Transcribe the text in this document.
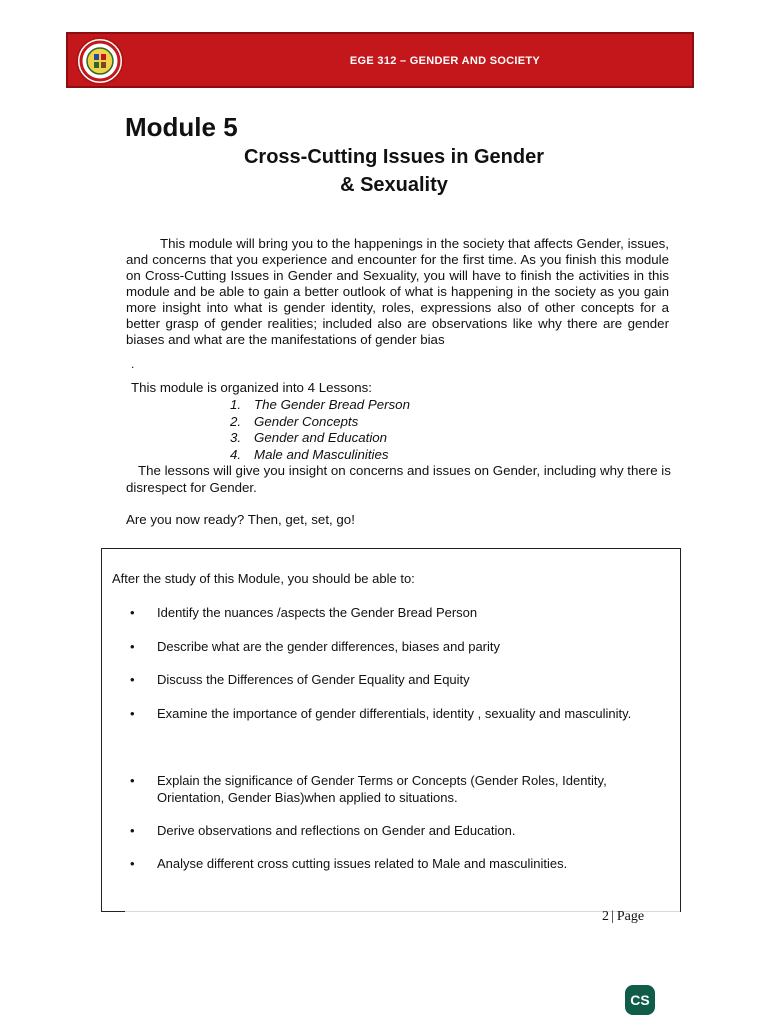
EGE 312 – GENDER AND SOCIETY
Module 5
Cross-Cutting Issues in Gender
& Sexuality

This module will bring you to the happenings in the society that affects Gender, issues, and concerns that you experience and encounter for the first time. As you finish this module on Cross-Cutting Issues in Gender and Sexuality, you will have to finish the activities in this module and be able to gain a better outlook of what is happening in the society as you gain more insight into what is gender identity, roles, expressions also of other concepts for a better grasp of gender realities; included also are observations like why there are gender biases and what are the manifestations of gender bias

.

This module is organized into 4 Lessons:

1. The Gender Bread Person
2. Gender Concepts
3. Gender and Education
4. Male and Masculinities

The lessons will give you insight on concerns and issues on Gender, including why there is disrespect for Gender.

Are you now ready? Then, get, set, go!

After the study of this Module, you should be able to:

• Identify the nuances /aspects the Gender Bread Person
• Describe what are the gender differences, biases and parity
• Discuss the Differences of Gender Equality and Equity
• Examine the importance of gender differentials, identity , sexuality and masculinity.
• Explain the significance of Gender Terms or Concepts (Gender Roles, Identity, Orientation, Gender Bias)when applied to situations.
• Derive observations and reflections on Gender and Education.
• Analyse different cross cutting issues related to Male and masculinities.
2 | Page
CS
